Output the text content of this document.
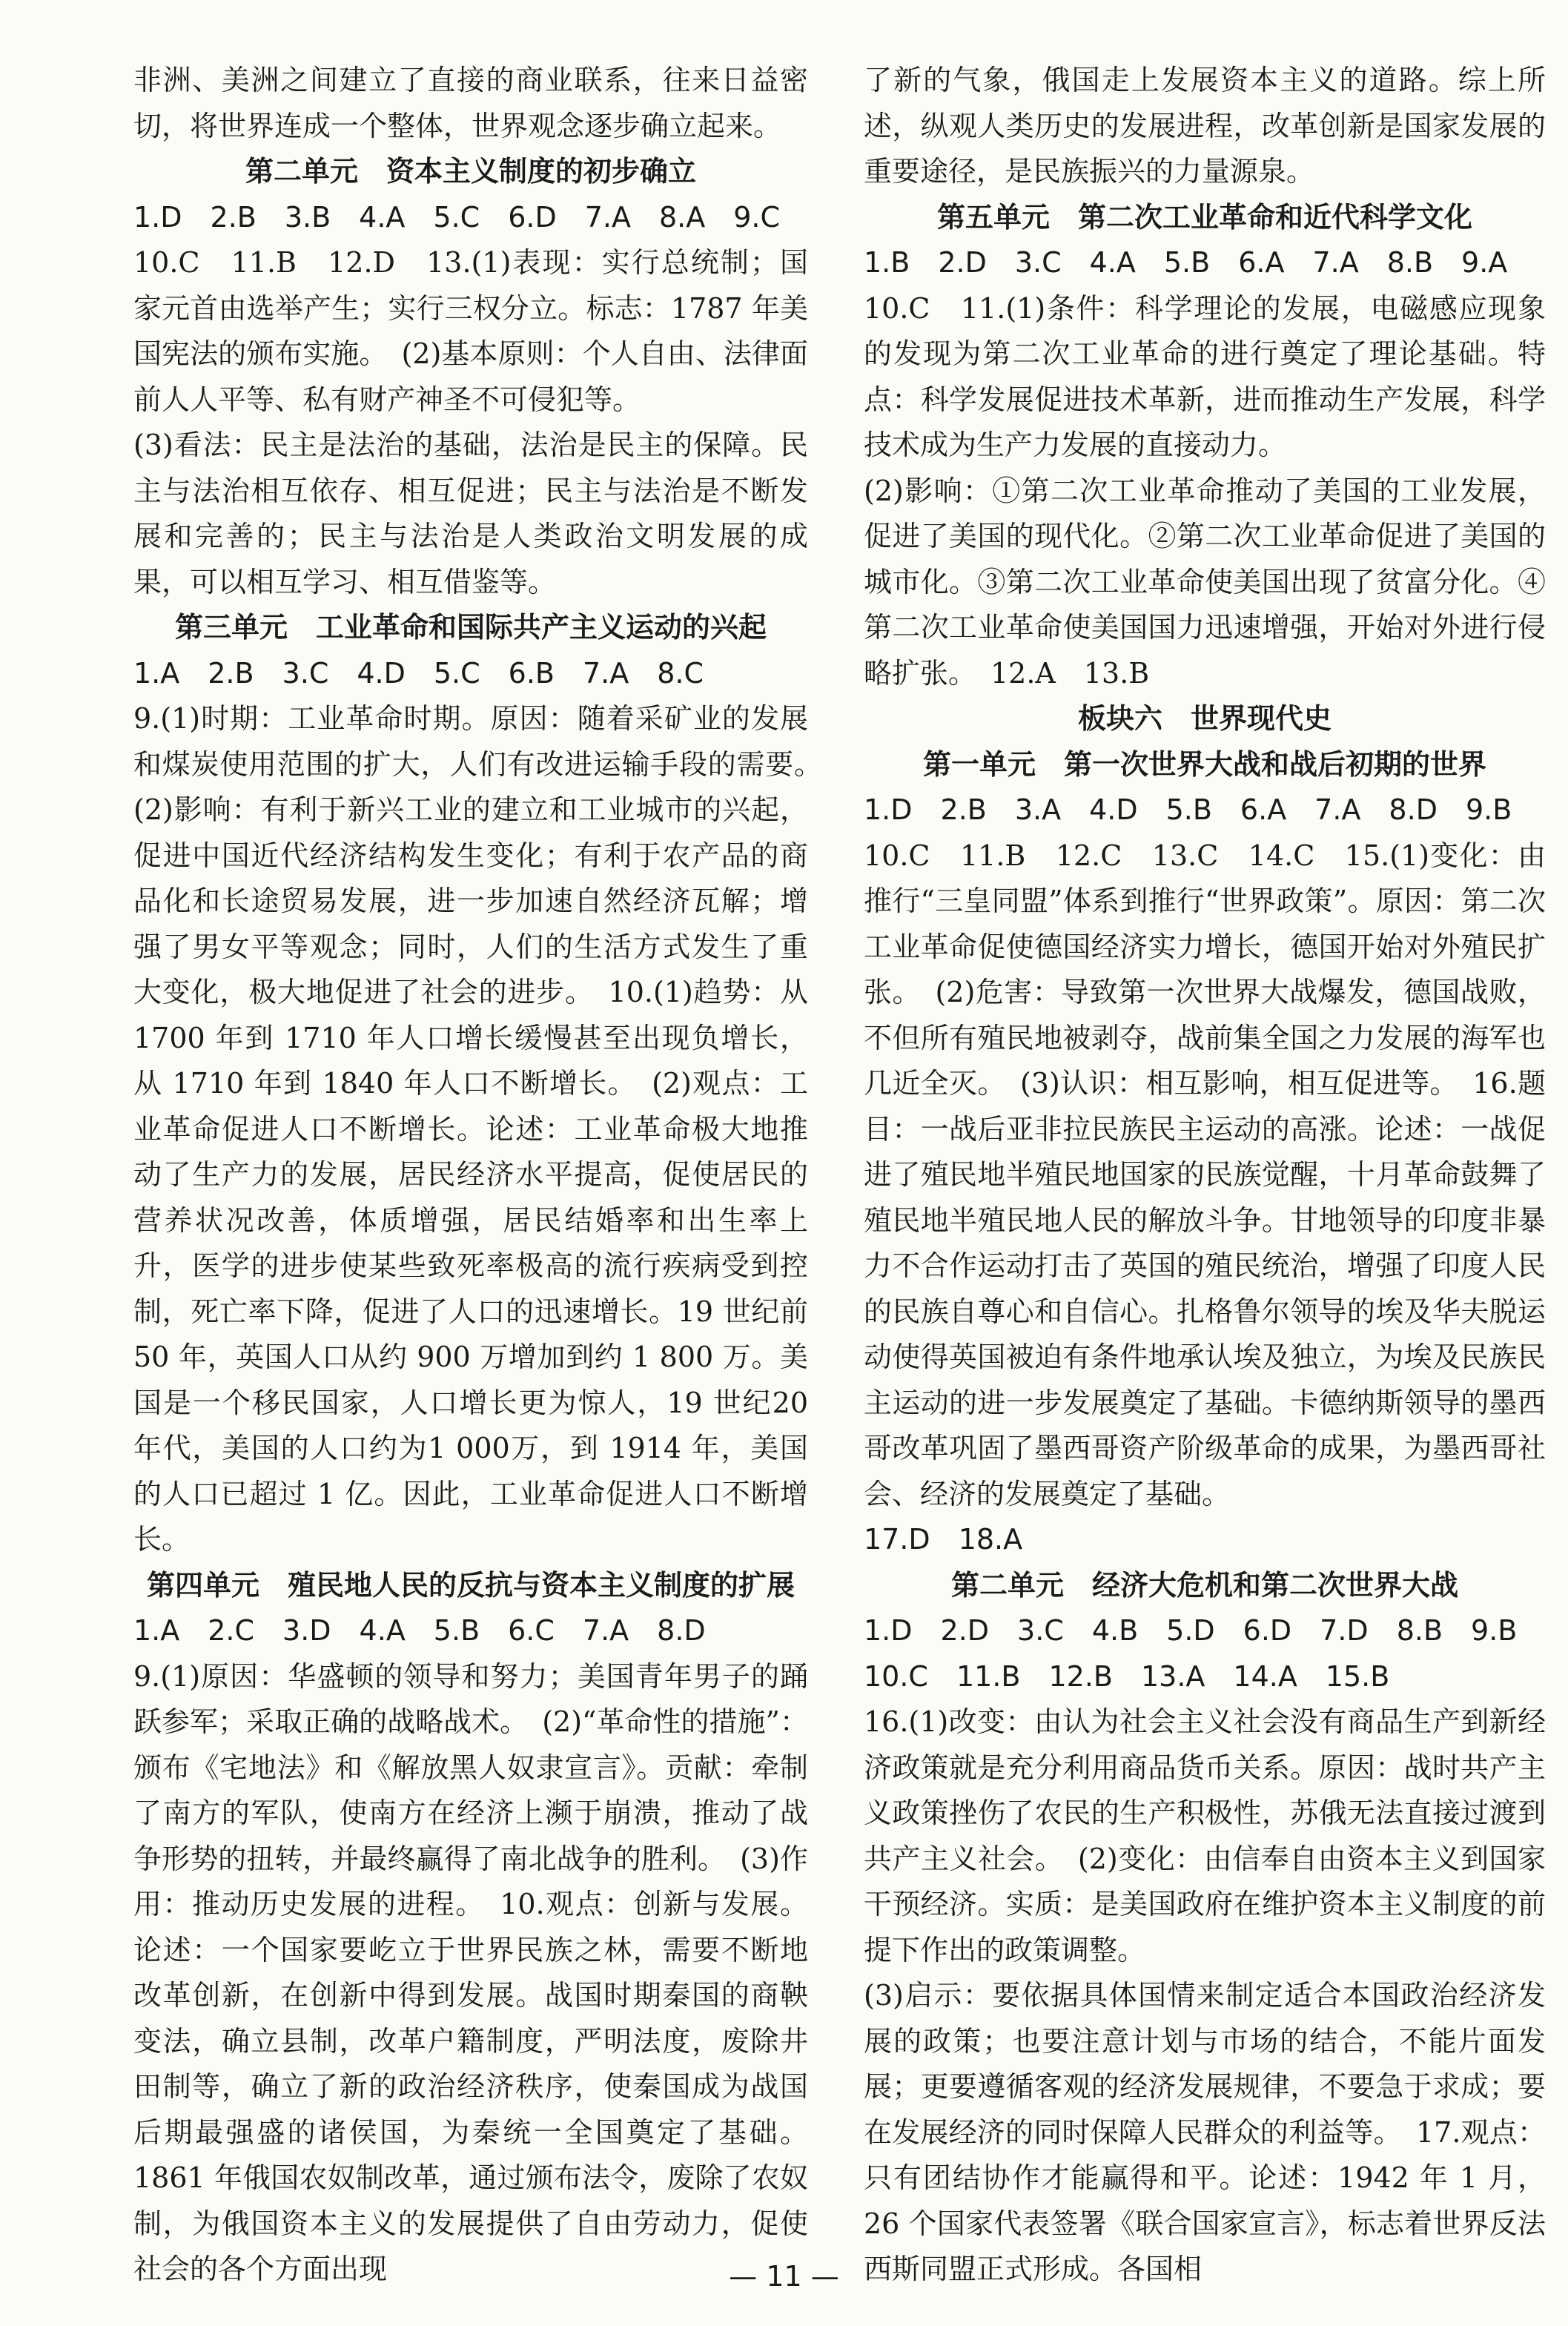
非洲、美洲之间建立了直接的商业联系，往来日益密切，将世界连成一个整体，世界观念逐步确立起来。

第二单元　资本主义制度的初步确立

1.D　2.B　3.B　4.A　5.C　6.D　7.A　8.A　9.C

10.C　11.B　12.D　13.(1)表现：实行总统制；国家元首由选举产生；实行三权分立。标志：1787 年美国宪法的颁布实施。　(2)基本原则：个人自由、法律面前人人平等、私有财产神圣不可侵犯等。

(3)看法：民主是法治的基础，法治是民主的保障。民主与法治相互依存、相互促进；民主与法治是不断发展和完善的；民主与法治是人类政治文明发展的成果，可以相互学习、相互借鉴等。

第三单元　工业革命和国际共产主义运动的兴起

1.A　2.B　3.C　4.D　5.C　6.B　7.A　8.C

9.(1)时期：工业革命时期。原因：随着采矿业的发展和煤炭使用范围的扩大，人们有改进运输手段的需要。　(2)影响：有利于新兴工业的建立和工业城市的兴起，促进中国近代经济结构发生变化；有利于农产品的商品化和长途贸易发展，进一步加速自然经济瓦解；增强了男女平等观念；同时，人们的生活方式发生了重大变化，极大地促进了社会的进步。　10.(1)趋势：从 1700 年到 1710 年人口增长缓慢甚至出现负增长，从 1710 年到 1840 年人口不断增长。　(2)观点：工业革命促进人口不断增长。论述：工业革命极大地推动了生产力的发展，居民经济水平提高，促使居民的营养状况改善，体质增强，居民结婚率和出生率上升，医学的进步使某些致死率极高的流行疾病受到控制，死亡率下降，促进了人口的迅速增长。19 世纪前 50 年，英国人口从约 900 万增加到约 1 800 万。美国是一个移民国家，人口增长更为惊人，19 世纪20 年代，美国的人口约为1 000万，到 1914 年，美国的人口已超过 1 亿。因此，工业革命促进人口不断增长。

第四单元　殖民地人民的反抗与资本主义制度的扩展

1.A　2.C　3.D　4.A　5.B　6.C　7.A　8.D

9.(1)原因：华盛顿的领导和努力；美国青年男子的踊跃参军；采取正确的战略战术。　(2)“革命性的措施”：颁布《宅地法》和《解放黑人奴隶宣言》。贡献：牵制了南方的军队，使南方在经济上濒于崩溃，推动了战争形势的扭转，并最终赢得了南北战争的胜利。　(3)作用：推动历史发展的进程。　10.观点：创新与发展。论述：一个国家要屹立于世界民族之林，需要不断地改革创新，在创新中得到发展。战国时期秦国的商鞅变法，确立县制，改革户籍制度，严明法度，废除井田制等，确立了新的政治经济秩序，使秦国成为战国后期最强盛的诸侯国，为秦统一全国奠定了基础。1861 年俄国农奴制改革，通过颁布法令，废除了农奴制，为俄国资本主义的发展提供了自由劳动力，促使社会的各个方面出现

了新的气象，俄国走上发展资本主义的道路。综上所述，纵观人类历史的发展进程，改革创新是国家发展的重要途径，是民族振兴的力量源泉。

第五单元　第二次工业革命和近代科学文化

1.B　2.D　3.C　4.A　5.B　6.A　7.A　8.B　9.A

10.C　11.(1)条件：科学理论的发展，电磁感应现象的发现为第二次工业革命的进行奠定了理论基础。特点：科学发展促进技术革新，进而推动生产发展，科学技术成为生产力发展的直接动力。

(2)影响：①第二次工业革命推动了美国的工业发展，促进了美国的现代化。②第二次工业革命促进了美国的城市化。③第二次工业革命使美国出现了贫富分化。④第二次工业革命使美国国力迅速增强，开始对外进行侵略扩张。　12.A　13.B

板块六　世界现代史

第一单元　第一次世界大战和战后初期的世界

1.D　2.B　3.A　4.D　5.B　6.A　7.A　8.D　9.B

10.C　11.B　12.C　13.C　14.C　15.(1)变化：由推行“三皇同盟”体系到推行“世界政策”。原因：第二次工业革命促使德国经济实力增长，德国开始对外殖民扩张。　(2)危害：导致第一次世界大战爆发，德国战败，不但所有殖民地被剥夺，战前集全国之力发展的海军也几近全灭。　(3)认识：相互影响，相互促进等。　16.题目：一战后亚非拉民族民主运动的高涨。论述：一战促进了殖民地半殖民地国家的民族觉醒，十月革命鼓舞了殖民地半殖民地人民的解放斗争。甘地领导的印度非暴力不合作运动打击了英国的殖民统治，增强了印度人民的民族自尊心和自信心。扎格鲁尔领导的埃及华夫脱运动使得英国被迫有条件地承认埃及独立，为埃及民族民主运动的进一步发展奠定了基础。卡德纳斯领导的墨西哥改革巩固了墨西哥资产阶级革命的成果，为墨西哥社会、经济的发展奠定了基础。

17.D　18.A

第二单元　经济大危机和第二次世界大战

1.D　2.D　3.C　4.B　5.D　6.D　7.D　8.B　9.B

10.C　11.B　12.B　13.A　14.A　15.B

16.(1)改变：由认为社会主义社会没有商品生产到新经济政策就是充分利用商品货币关系。原因：战时共产主义政策挫伤了农民的生产积极性，苏俄无法直接过渡到共产主义社会。　(2)变化：由信奉自由资本主义到国家干预经济。实质：是美国政府在维护资本主义制度的前提下作出的政策调整。

(3)启示：要依据具体国情来制定适合本国政治经济发展的政策；也要注意计划与市场的结合，不能片面发展；更要遵循客观的经济发展规律，不要急于求成；要在发展经济的同时保障人民群众的利益等。　17.观点：只有团结协作才能赢得和平。论述：1942 年 1 月，26 个国家代表签署《联合国家宣言》，标志着世界反法西斯同盟正式形成。各国相

— 11 —
